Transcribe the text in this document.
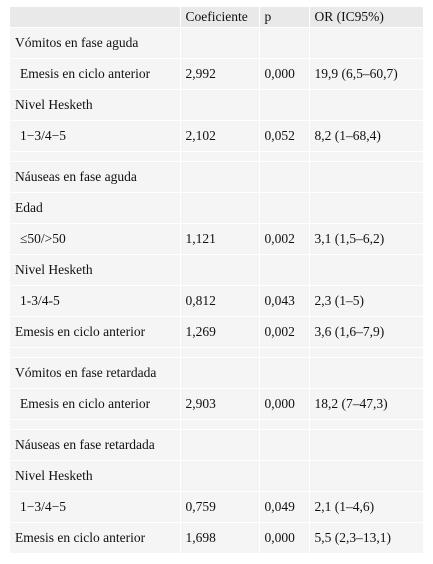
	Coeficiente	p	OR (IC95%)
Vómitos en fase aguda			
Emesis en ciclo anterior	2,992	0,000	19,9 (6,5–60,7)
Nivel Hesketh			
1−3/4−5	2,102	0,052	8,2 (1–68,4)

Náuseas en fase aguda			
Edad			
≤50/>50	1,121	0,002	3,1 (1,5–6,2)
Nivel Hesketh			
1-3/4-5	0,812	0,043	2,3 (1–5)
Emesis en ciclo anterior	1,269	0,002	3,6 (1,6–7,9)

Vómitos en fase retardada			
Emesis en ciclo anterior	2,903	0,000	18,2 (7–47,3)

Náuseas en fase retardada			
Nivel Hesketh			
1−3/4−5	0,759	0,049	2,1 (1–4,6)
Emesis en ciclo anterior	1,698	0,000	5,5 (2,3–13,1)
